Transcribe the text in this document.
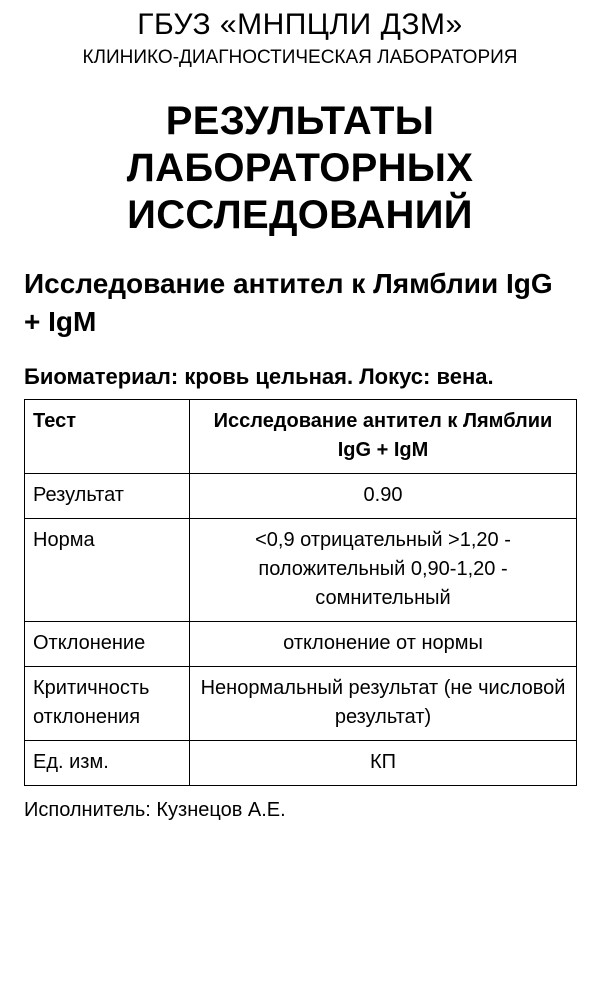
ГБУЗ «МНПЦЛИ ДЗМ»
КЛИНИКО-ДИАГНОСТИЧЕСКАЯ ЛАБОРАТОРИЯ
РЕЗУЛЬТАТЫ ЛАБОРАТОРНЫХ ИССЛЕДОВАНИЙ
Исследование антител к Лямблии IgG + IgM
Биоматериал: кровь цельная. Локус: вена.
Тест	Исследование антител к Лямблии IgG + IgM
Результат	0.90
Норма	<0,9 отрицательный >1,20 - положительный 0,90-1,20 - сомнительный
Отклонение	отклонение от нормы
Критичность отклонения	Ненормальный результат (не числовой результат)
Ед. изм.	КП
Исполнитель: Кузнецов А.Е.
